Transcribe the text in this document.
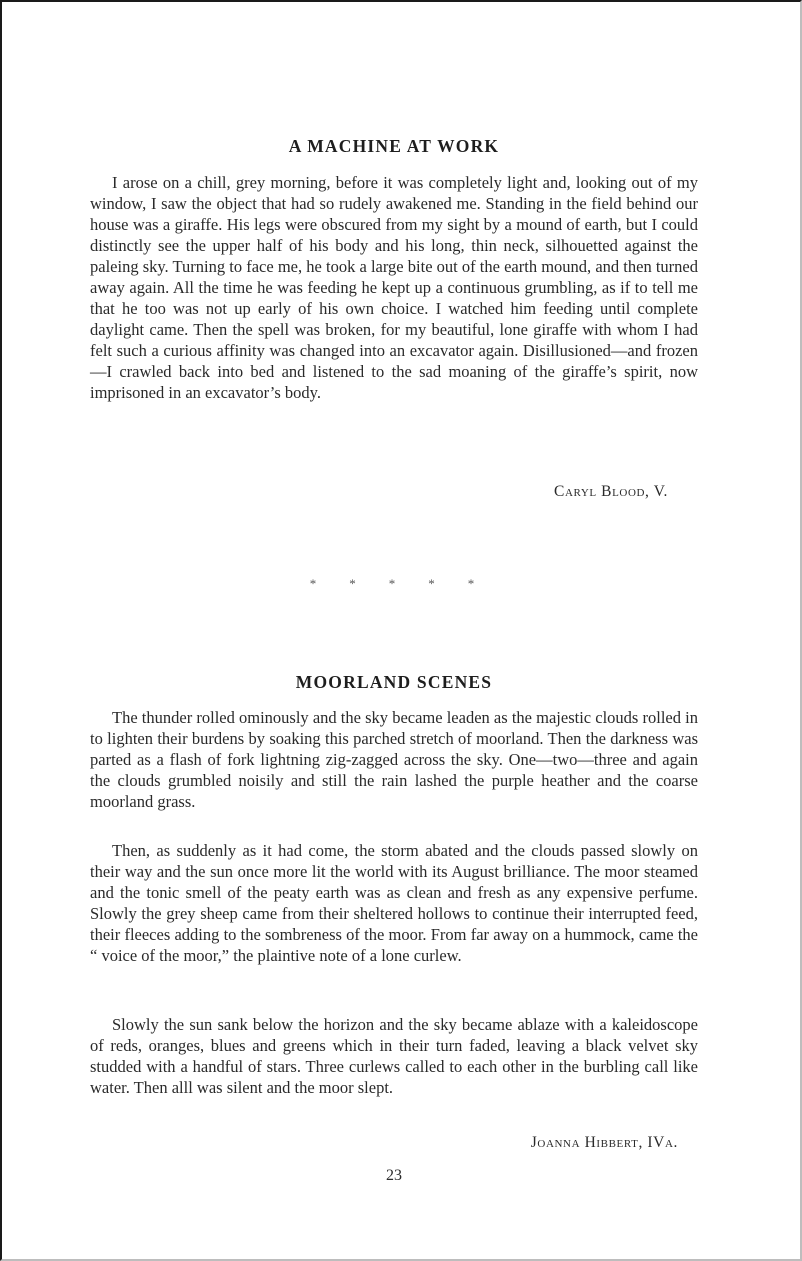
A MACHINE AT WORK

I arose on a chill, grey morning, before it was completely light and, looking out of my window, I saw the object that had so rudely awakened me. Standing in the field behind our house was a giraffe. His legs were obscured from my sight by a mound of earth, but I could distinctly see the upper half of his body and his long, thin neck, silhouetted against the paleing sky. Turning to face me, he took a large bite out of the earth mound, and then turned away again. All the time he was feeding he kept up a continuous grumbling, as if to tell me that he too was not up early of his own choice. I watched him feeding until complete daylight came. Then the spell was broken, for my beautiful, lone giraffe with whom I had felt such a curious affinity was changed into an excavator again. Disillusioned—and frozen—I crawled back into bed and listened to the sad moaning of the giraffe’s spirit, now imprisoned in an excavator’s body.

Caryl Blood, V.
*	*	*	*	*
MOORLAND SCENES

The thunder rolled ominously and the sky became leaden as the majestic clouds rolled in to lighten their burdens by soaking this parched stretch of moorland. Then the darkness was parted as a flash of fork lightning zig-zagged across the sky. One—two—three and again the clouds grumbled noisily and still the rain lashed the purple heather and the coarse moorland grass.

Then, as suddenly as it had come, the storm abated and the clouds passed slowly on their way and the sun once more lit the world with its August brilliance. The moor steamed and the tonic smell of the peaty earth was as clean and fresh as any expensive perfume. Slowly the grey sheep came from their sheltered hollows to continue their interrupted feed, their fleeces adding to the sombreness of the moor. From far away on a hummock, came the “ voice of the moor,” the plaintive note of a lone curlew.

Slowly the sun sank below the horizon and the sky became ablaze with a kaleidoscope of reds, oranges, blues and greens which in their turn faded, leaving a black velvet sky studded with a handful of stars. Three curlews called to each other in the burbling call like water. Then alll was silent and the moor slept.

Joanna Hibbert, IVa.
23
